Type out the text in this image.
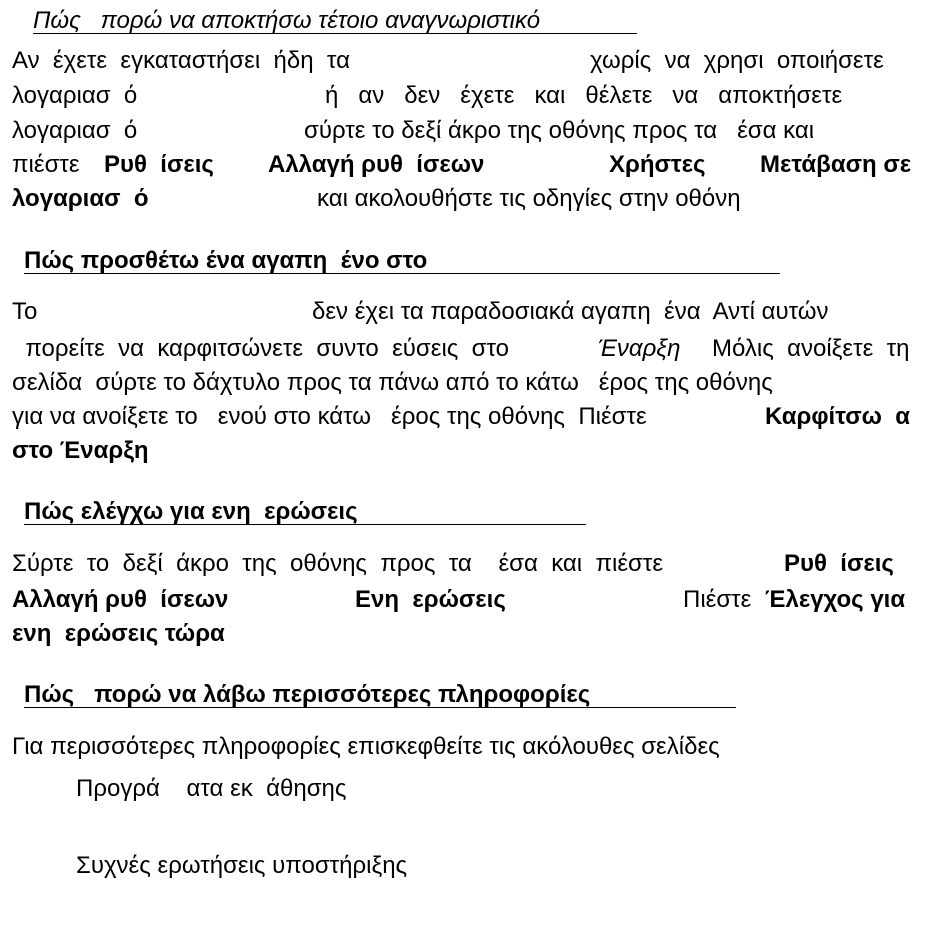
Πώς   πορώ να αποκτήσω τέτοιο αναγνωριστικό
Αν  έχετε  εγκαταστήσει  ήδη  τα	χωρίς  να  χρησι  οποιήσετε
λογαριασ  ό	ή   αν   δεν   έχετε   και   θέλετε   να   αποκτήσετε
λογαριασ  ό	σύρτε το δεξί άκρο της οθόνης προς τα   έσα και
πιέστε Ρυθ  ίσεις Αλλαγή ρυθ  ίσεων	Χρήστες Μετάβαση σε
λογαριασ  ό	και ακολουθήστε τις οδηγίες στην οθόνη
Πώς προσθέτω ένα αγαπη  ένο στο
Το	δεν έχει τα παραδοσιακά αγαπη  ένα  Αντί αυτών
πορείτε  να  καρφιτσώνετε  συντο  εύσεις  στο	Έναρξη Μόλις  ανοίξετε  τη
σελίδα  σύρτε το δάχτυλο προς τα πάνω από το κάτω   έρος της οθόνης
για να ανοίξετε το   ενού στο κάτω   έρος της οθόνης  Πιέστε	Καρφίτσω  α
στο Έναρξη
Πώς ελέγχω για ενη  ερώσεις
Σύρτε  το  δεξί  άκρο  της  οθόνης  προς  τα    έσα  και  πιέστε	Ρυθ  ίσεις
Αλλαγή ρυθ  ίσεων	Ενη  ερώσεις	Πιέστε Έλεγχος για
ενη  ερώσεις τώρα
Πώς   πορώ να λάβω περισσότερες πληροφορίες
Για περισσότερες πληροφορίες επισκεφθείτε τις ακόλουθες σελίδες
Προγρά    ατα εκ  άθησης
Συχνές ερωτήσεις υποστήριξης
